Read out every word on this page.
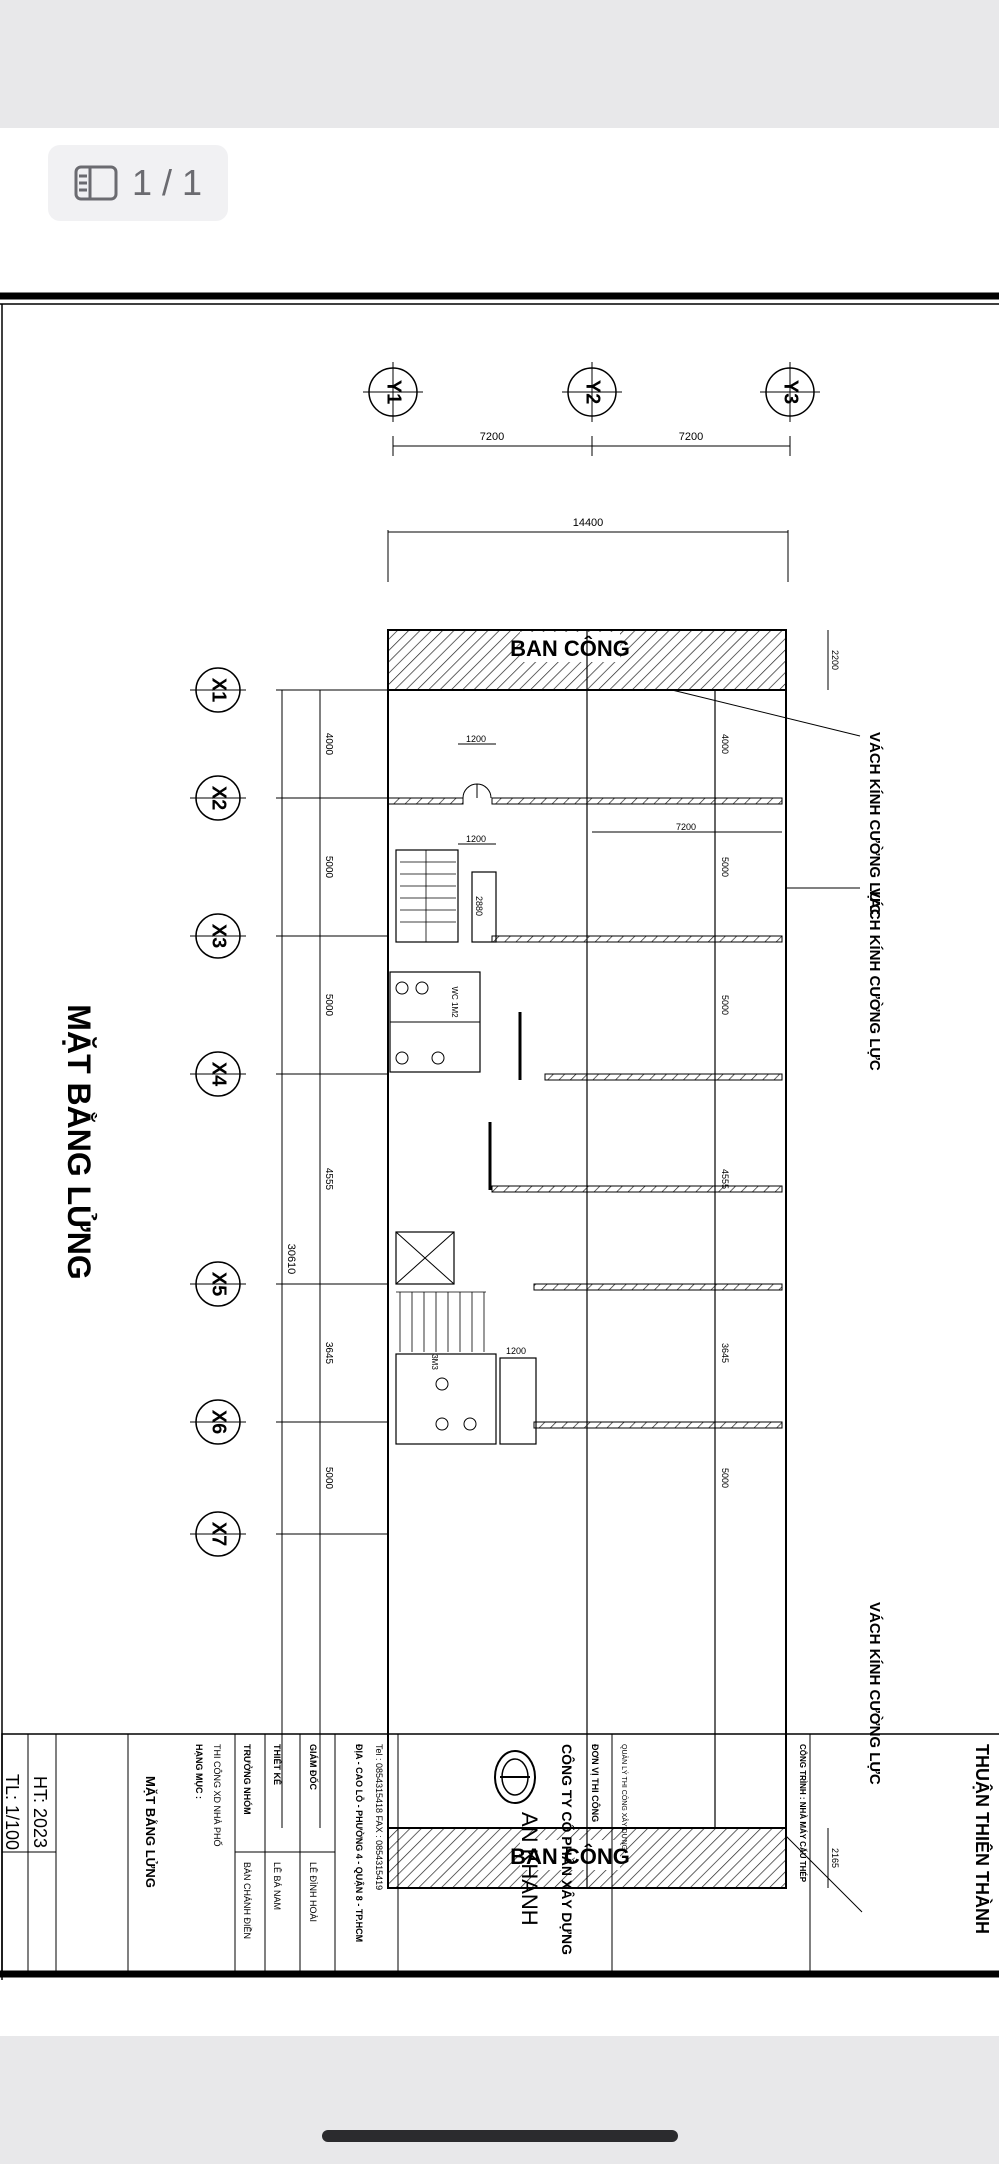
1 / 1
Y1	Y2	Y3
7200	7200
14400
BAN CÔNG
BAN CÔNG
X1
X2
X3
X4
X5
X6
X7
2880
WC 1M2
3M3
1200
1200
1200
7200
30610
4000
5000
5000
4555
3645
5000
4000
5000
5000
4555
3645
5000
2200
2165
VÁCH KÍNH CƯỜNG LỰC
VÁCH KÍNH CƯỜNG LỰC
VÁCH KÍNH CƯỜNG LỰC
MẶT BẰNG LỬNG
HT: 2023
TL: 1/100	MẶT BẰNG LỬNG
HẠNG MỤC : THI CÔNG XD NHÀ PHỐ TRƯỞNG NHÓM
BÀN CHÁNH ĐIỀN
THIẾT KẾ
LÊ BÁ NAM
GIÁM ĐỐC
LÊ ĐÌNH HOÀI	ĐỊA - CAO LỖ - PHƯỜNG 4 - QUẬN 8 - TP.HCM Tel : 0854315418 FAX : 0854315419	AN KHANH CÔNG TY CỔ PHẦN XÂY DỰNG ĐƠN VỊ THI CÔNG	QUẢN LÝ THI CÔNG XÂY DỰNG	CÔNG TRÌNH : NHÀ MÁY CẤU THÉP	THUẬN THIÊN THÀNH
